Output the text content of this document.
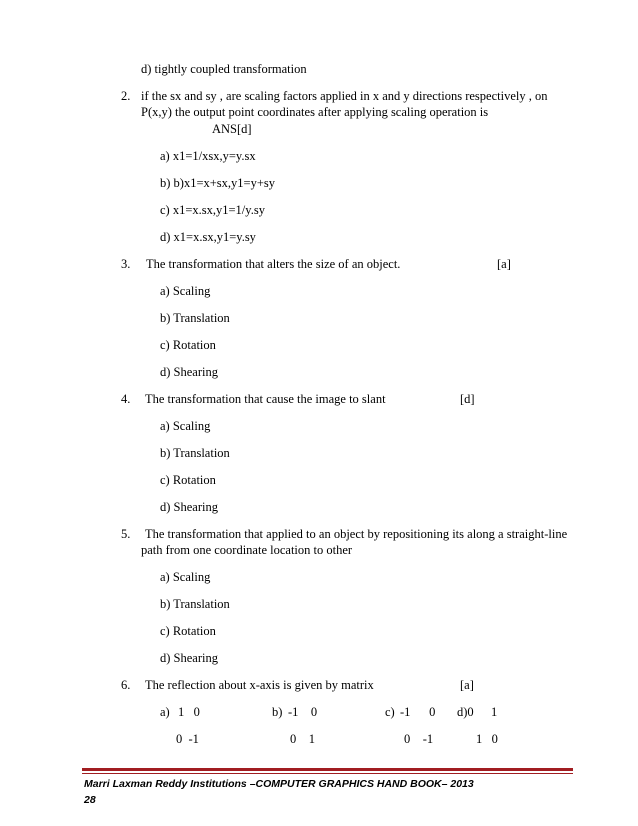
d) tightly coupled transformation
2. if the sx and sy , are scaling factors applied in x and y directions respectively , on
P(x,y) the output point coordinates after applying scaling operation is
ANS[d]
a) x1=1/xsx,y=y.sx
b) b)x1=x+sx,y1=y+sy
c) x1=x.sx,y1=1/y.sy
d) x1=x.sx,y1=y.sy
3. The transformation that alters the size of an object.	[a]
a) Scaling
b) Translation
c) Rotation
d) Shearing
4. The transformation that cause the image to slant	[d]
a) Scaling
b) Translation
c) Rotation
d) Shearing
5. The transformation that applied to an object by repositioning its along a straight-line
path from one coordinate location to other
a) Scaling
b) Translation
c) Rotation
d) Shearing
6. The reflection about x-axis is given by matrix	[a]
a) 1   0
0  -1
b) -1    0
0    1
c) -1      0
0    -1
d)0 1
1   0
Marri Laxman Reddy Institutions –COMPUTER GRAPHICS HAND BOOK– 2013
28
